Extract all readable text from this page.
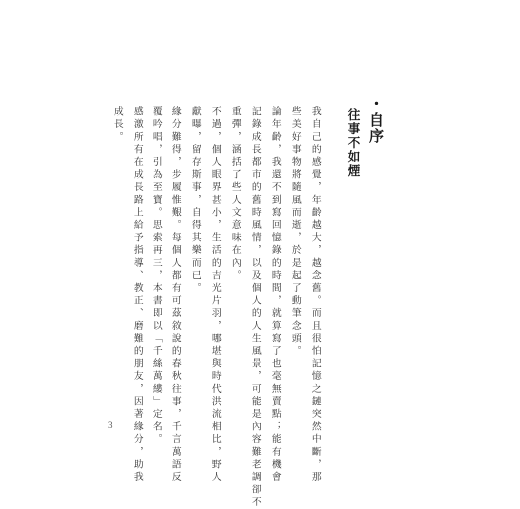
・自序
往事不如煙
我自己的感覺，年齡越大，越念舊。而且很怕記憶之鏈突然中斷，那
些美好事物將隨風而逝，於是起了動筆念頭。
論年齡，我還不到寫回憶錄的時間，就算寫了也毫無賣點；能有機會
記錄成長都市的舊時風情，以及個人的人生風景，可能是內容難老調卻不
重彈，涵括了些人文意味在內。
不過，個人眼界甚小，生活的吉光片羽，哪堪與時代洪流相比，野人
獻曝，留存斯事，自得其樂而已。
緣分難得，步履惟艱。每個人都有可茲敘說的春秋往事，千言萬語反
覆吟唱，引為至寶。思索再三，本書即以「千絲萬縷」定名。
感激所有在成長路上給予指導、教正、磨難的朋友，因著緣分，助我
成長。
3
